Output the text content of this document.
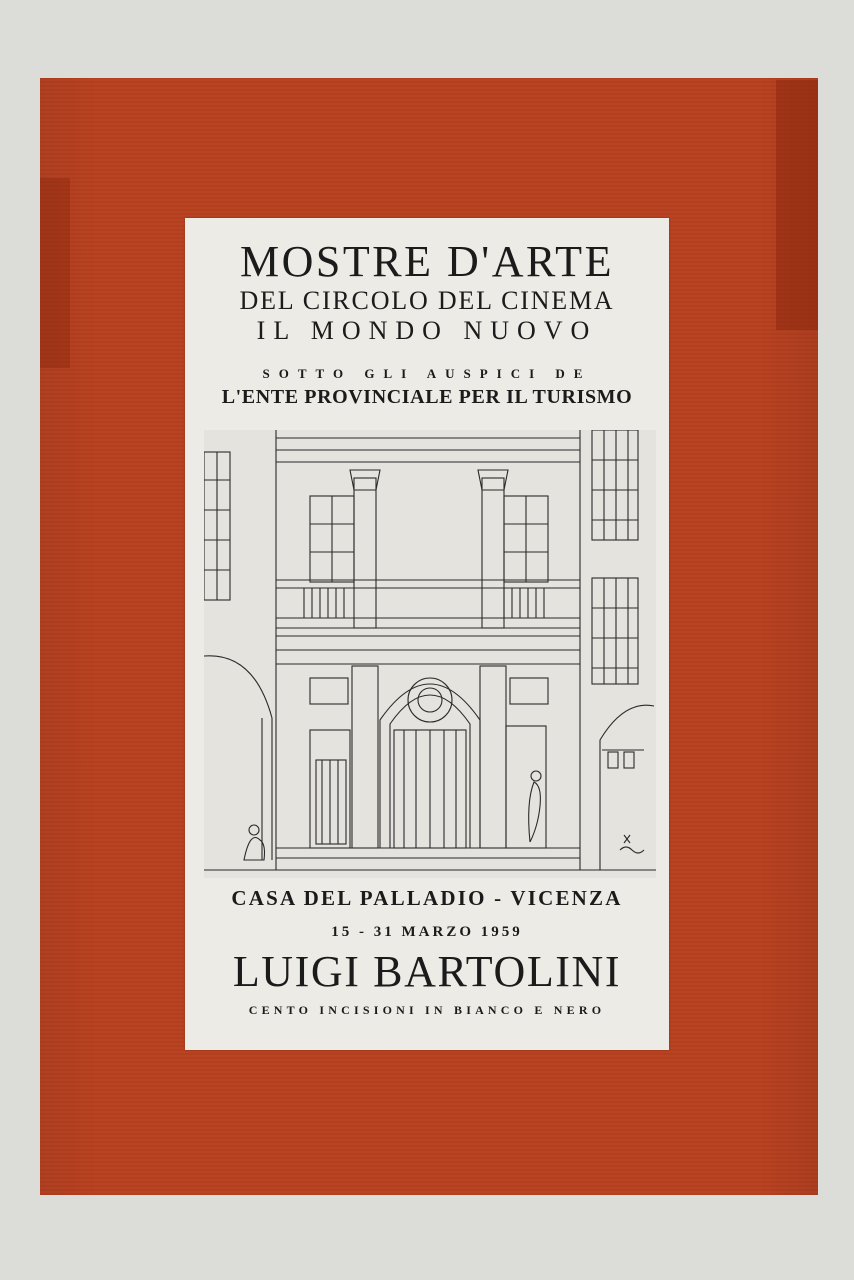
MOSTRE D'ARTE
DEL CIRCOLO DEL CINEMA
IL MONDO NUOVO
SOTTO GLI AUSPICI DE
L'ENTE PROVINCIALE PER IL TURISMO
CASA DEL PALLADIO - VICENZA
15 - 31 MARZO 1959
LUIGI BARTOLINI
CENTO INCISIONI IN BIANCO E NERO
